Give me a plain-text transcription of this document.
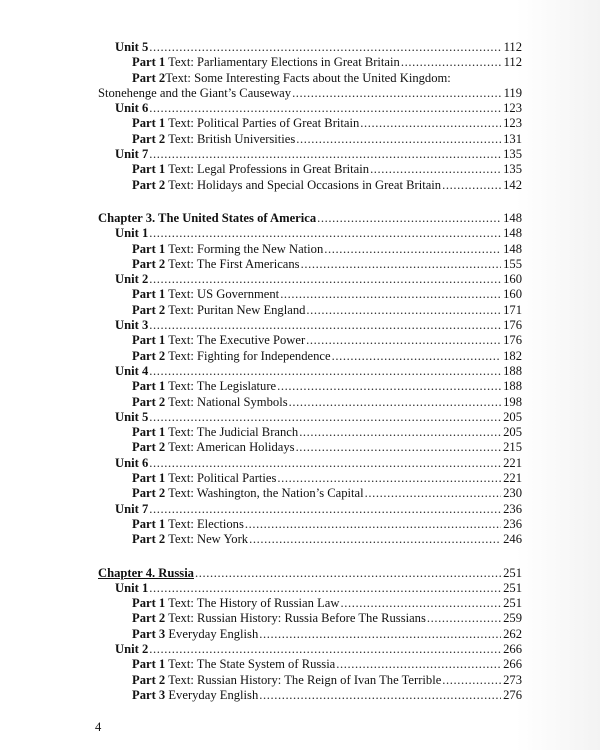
Unit 5 .....	112
Part 1 Text: Parliamentary Elections in Great Britain .....	112
Part 2 Text: Some Interesting Facts about the United Kingdom:
Stonehenge and the Giant’s Causeway .....	119
Unit 6 .....	123
Part 1 Text: Political Parties of Great Britain .....	123
Part 2 Text: British Universities .....	131
Unit 7 .....	135
Part 1 Text: Legal Professions in Great Britain .....	135
Part 2 Text: Holidays and Special Occasions in Great Britain .....	142
Chapter 3. The United States of America .....	148
Unit 1 .....	148
Part 1 Text: Forming the New Nation .....	148
Part 2 Text: The First Americans .....	155
Unit 2 .....	160
Part 1 Text: US Government .....	160
Part 2 Text: Puritan New England .....	171
Unit 3 .....	176
Part 1 Text: The Executive Power .....	176
Part 2 Text: Fighting for Independence .....	182
Unit 4 .....	188
Part 1 Text: The Legislature .....	188
Part 2 Text: National Symbols .....	198
Unit 5 .....	205
Part 1 Text: The Judicial Branch .....	205
Part 2 Text: American Holidays .....	215
Unit 6 .....	221
Part 1 Text: Political Parties .....	221
Part 2 Text: Washington, the Nation’s Capital .....	230
Unit 7 .....	236
Part 1 Text: Elections .....	236
Part 2 Text: New York .....	246
Chapter 4. Russia .....	251
Unit 1 .....	251
Part 1 Text: The History of Russian Law .....	251
Part 2 Text: Russian History: Russia Before The Russians .....	259
Part 3 Everyday English .....	262
Unit 2 .....	266
Part 1 Text: The State System of Russia .....	266
Part 2 Text: Russian History: The Reign of Ivan The Terrible .....	273
Part 3 Everyday English .....	276
4
